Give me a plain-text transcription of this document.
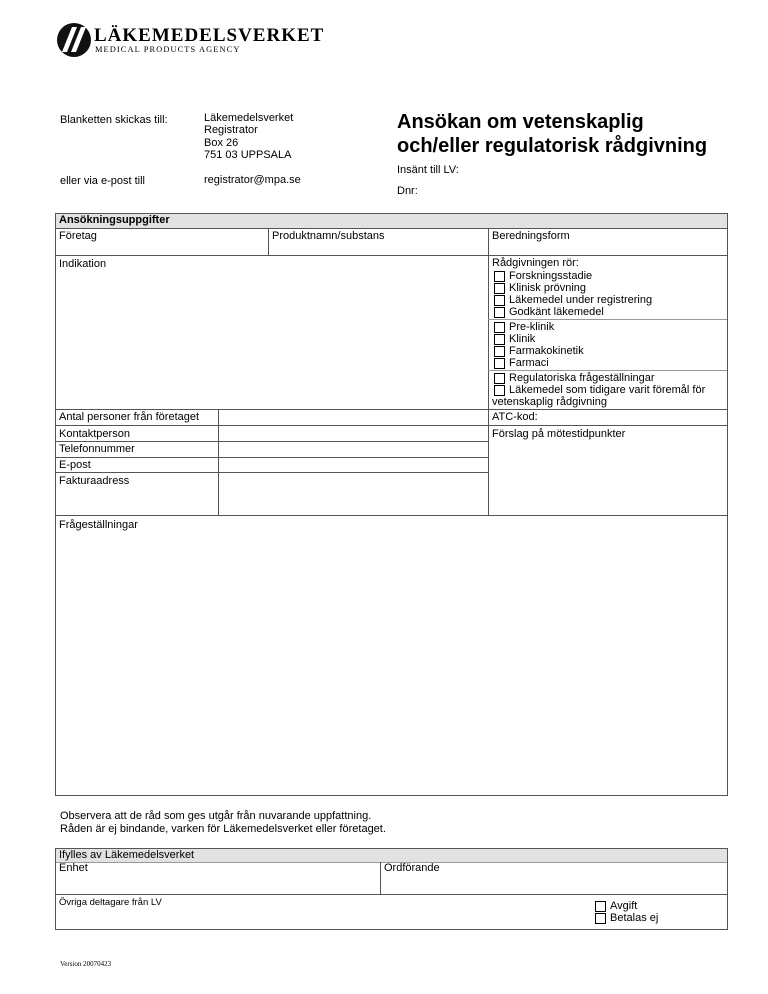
LÄKEMEDELSVERKET
MEDICAL PRODUCTS AGENCY
Blanketten skickas till:	Läkemedelsverket
Registrator
Box 26
751 03 UPPSALA
eller via e-post till	registrator@mpa.se
Ansökan om vetenskaplig
och/eller regulatorisk rådgivning
Insänt till LV:
Dnr:
Ansökningsuppgifter
Företag	Produktnamn/substans	Beredningsform
Indikation	Rådgivningen rör:
Forskningsstadie
Klinisk prövning
Läkemedel under registrering
Godkänt läkemedel
Pre-klinik
Klinik
Farmakokinetik
Farmaci
Regulatoriska frågeställningar
Läkemedel som tidigare varit föremål för
vetenskaplig rådgivning
Antal personer från företaget	ATC-kod:
Kontaktperson	Förslag på mötestidpunkter
Telefonnummer
E-post
Fakturaadress
Frågeställningar
Observera att de råd som ges utgår från nuvarande uppfattning.
Råden är ej bindande, varken för Läkemedelsverket eller företaget.
Ifylles av Läkemedelsverket
Enhet	Ordförande
Övriga deltagare från LV	Avgift
Betalas ej
Version 20070423
